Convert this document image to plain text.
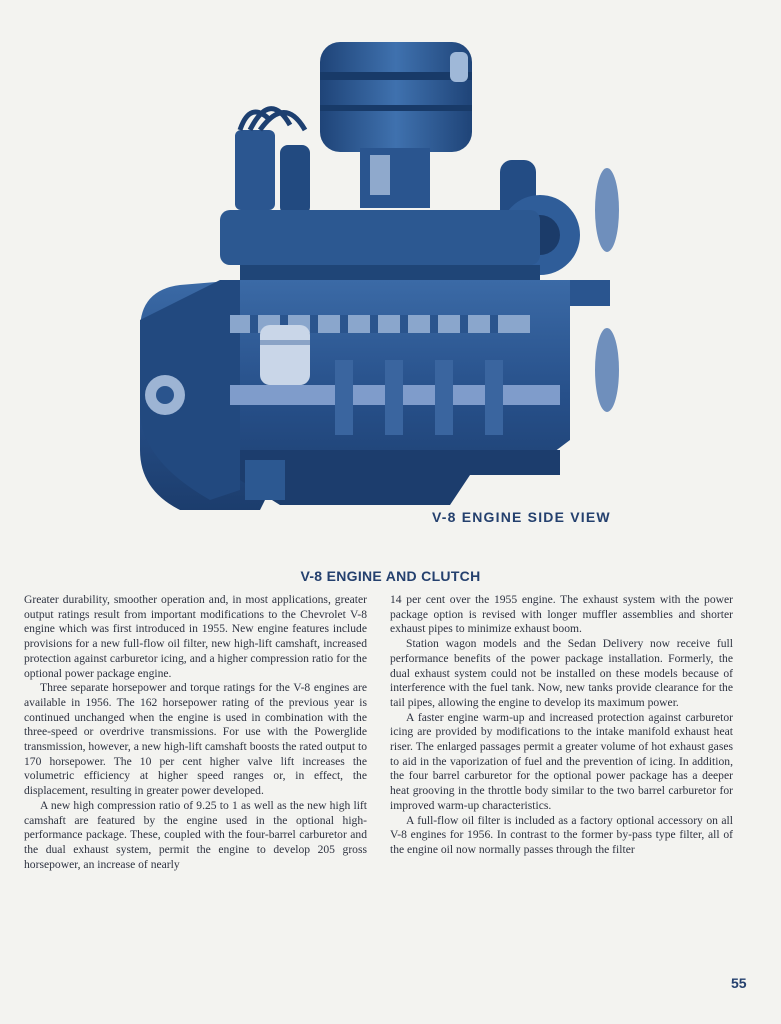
V-8 ENGINE SIDE VIEW
V-8 ENGINE AND CLUTCH

Greater durability, smoother operation and, in most applications, greater output ratings result from important modifications to the Chevrolet V-8 engine which was first introduced in 1955. New engine features include provisions for a new full-flow oil filter, new high-lift camshaft, increased protection against carburetor icing, and a higher compression ratio for the optional power package engine.

Three separate horsepower and torque ratings for the V-8 engines are available in 1956. The 162 horsepower rating of the previous year is continued unchanged when the engine is used in combination with the three-speed or overdrive transmissions. For use with the Powerglide transmission, however, a new high-lift camshaft boosts the rated output to 170 horsepower. The 10 per cent higher valve lift increases the volumetric efficiency at higher speed ranges or, in effect, the displacement, resulting in greater power developed.

A new high compression ratio of 9.25 to 1 as well as the new high lift camshaft are featured by the engine used in the optional high-performance package. These, coupled with the four-barrel carburetor and the dual exhaust system, permit the engine to develop 205 gross horsepower, an increase of nearly

14 per cent over the 1955 engine. The exhaust system with the power package option is revised with longer muffler assemblies and shorter exhaust pipes to minimize exhaust boom.

Station wagon models and the Sedan Delivery now receive full performance benefits of the power package installation. Formerly, the dual exhaust system could not be installed on these models because of interference with the fuel tank. Now, new tanks provide clearance for the tail pipes, allowing the engine to develop its maximum power.

A faster engine warm-up and increased protection against carburetor icing are provided by modifications to the intake manifold exhaust heat riser. The enlarged passages permit a greater volume of hot exhaust gases to aid in the vaporization of fuel and the prevention of icing. In addition, the four barrel carburetor for the optional power package has a deeper heat grooving in the throttle body similar to the two barrel carburetor for improved warm-up characteristics.

A full-flow oil filter is included as a factory optional accessory on all V-8 engines for 1956. In contrast to the former by-pass type filter, all of the engine oil now normally passes through the filter

55
